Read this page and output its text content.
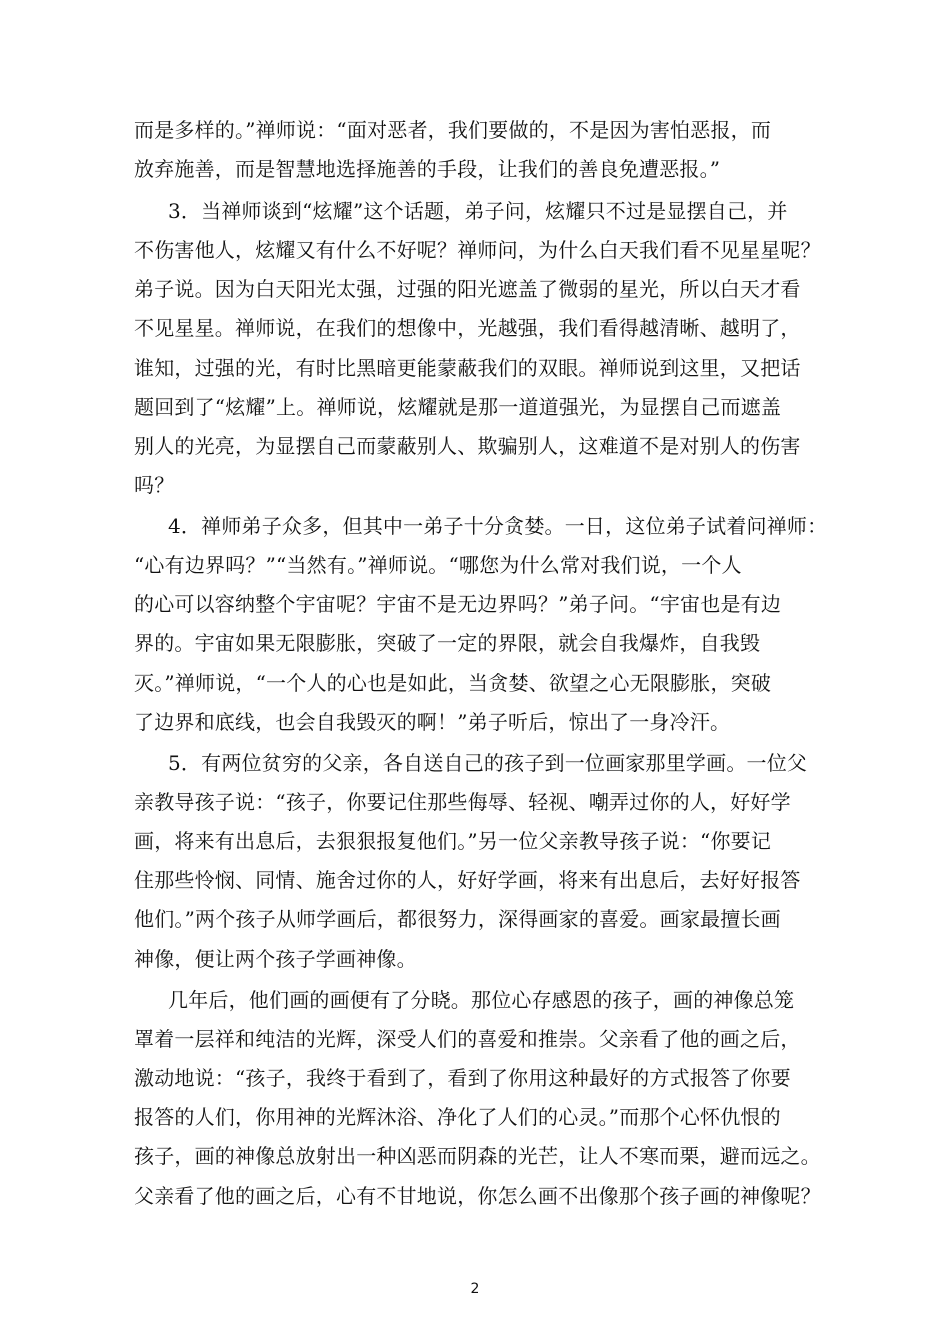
而是多样的。”禅师说：“面对恶者，我们要做的，不是因为害怕恶报，而
放弃施善，而是智慧地选择施善的手段，让我们的善良免遭恶报。”
3．当禅师谈到“炫耀”这个话题，弟子问，炫耀只不过是显摆自己，并
不伤害他人，炫耀又有什么不好呢？禅师问，为什么白天我们看不见星星呢？
弟子说。因为白天阳光太强，过强的阳光遮盖了微弱的星光，所以白天才看
不见星星。禅师说，在我们的想像中，光越强，我们看得越清晰、越明了，
谁知，过强的光，有时比黑暗更能蒙蔽我们的双眼。禅师说到这里，又把话
题回到了“炫耀”上。禅师说，炫耀就是那一道道强光，为显摆自己而遮盖
别人的光亮，为显摆自己而蒙蔽别人、欺骗别人，这难道不是对别人的伤害
吗？
4．禅师弟子众多，但其中一弟子十分贪婪。一日，这位弟子试着问禅师：
“心有边界吗？”“当然有。”禅师说。“哪您为什么常对我们说，一个人
的心可以容纳整个宇宙呢？宇宙不是无边界吗？”弟子问。“宇宙也是有边
界的。宇宙如果无限膨胀，突破了一定的界限，就会自我爆炸，自我毁
灭。”禅师说，“一个人的心也是如此，当贪婪、欲望之心无限膨胀，突破
了边界和底线，也会自我毁灭的啊！”弟子听后，惊出了一身冷汗。
5．有两位贫穷的父亲，各自送自己的孩子到一位画家那里学画。一位父
亲教导孩子说：“孩子，你要记住那些侮辱、轻视、嘲弄过你的人，好好学
画，将来有出息后，去狠狠报复他们。”另一位父亲教导孩子说：“你要记
住那些怜悯、同情、施舍过你的人，好好学画，将来有出息后，去好好报答
他们。”两个孩子从师学画后，都很努力，深得画家的喜爱。画家最擅长画
神像，便让两个孩子学画神像。
几年后，他们画的画便有了分晓。那位心存感恩的孩子，画的神像总笼
罩着一层祥和纯洁的光辉，深受人们的喜爱和推崇。父亲看了他的画之后，
激动地说：“孩子，我终于看到了，看到了你用这种最好的方式报答了你要
报答的人们，你用神的光辉沐浴、净化了人们的心灵。”而那个心怀仇恨的
孩子，画的神像总放射出一种凶恶而阴森的光芒，让人不寒而栗，避而远之。
父亲看了他的画之后，心有不甘地说，你怎么画不出像那个孩子画的神像呢？
2
